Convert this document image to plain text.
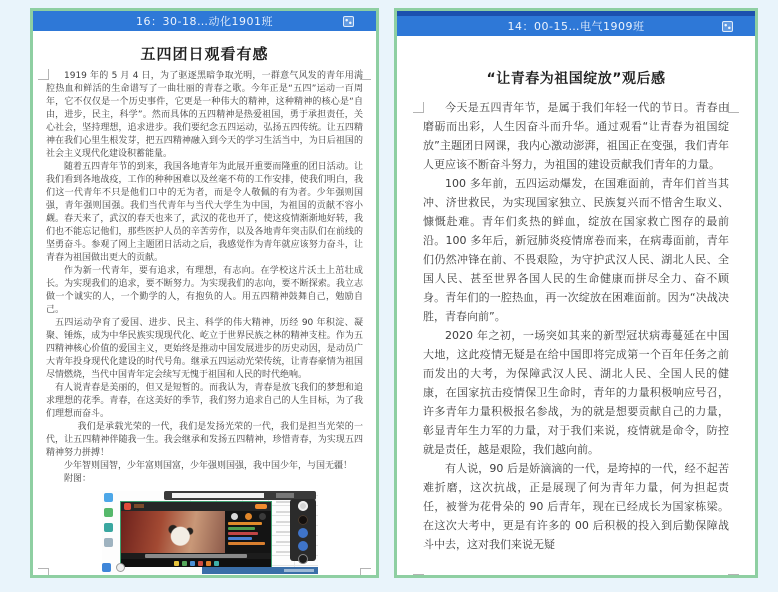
16：30-18…动化1901班
五四团日观看有感

1919 年的 5 月 4 日，为了驱逐黑暗争取光明，一群意气风发的青年用满腔热血和鲜活的生命谱写了一曲壮丽的青春之歌。今年正是“五四”运动一百周年，它不仅仅是一个历史事件，它更是一种伟大的精神，这种精神的核心是“自由，进步，民主，科学”。然而具体的五四精神是热爱祖国，勇于承担责任，关心社会，坚持理想，追求进步。我们要纪念五四运动，弘扬五四传统。让五四精神在我们心里生根发芽，把五四精神融入到今天的学习生活当中，为日后祖国的社会主义现代化建设积蓄能量。

随着五四青年节的到来，我国各地青年为此展开重要而隆重的团日活动。让我们看到各地战疫，工作的种种困难以及丝毫不苟的工作安排，使我们明白，我们这一代青年不只是他们口中的无为者，而是令人敬佩的有为者。少年强则国强，青年强则国强。我们当代青年与当代大学生为中国，为祖国的贡献不容小觑。春天来了，武汉的春天也来了，武汉的花也开了，使这疫情渐渐地好转，我们也不能忘记他们，那些医护人员的辛苦劳作，以及各地青年突击队们在前线的坚勇奋斗。参观了网上主题团日活动之后，我感觉作为青年就应该努力奋斗，让青春为祖国做出更大的贡献。

作为新一代青年，要有追求，有理想，有志向。在学校这片沃土上茁壮成长。为实现我们的追求，要不断努力。为实现我们的志向，要不断探索。我立志做一个诚实的人，一个勤学的人，有抱负的人。用五四精神鼓舞自己，勉励自己。

五四运动孕育了爱国、进步、民主、科学的伟大精神，历经 90 年积淀、凝聚、锤炼，成为中华民族实现现代化、屹立于世界民族之林的精神支柱。作为五四精神核心价值的爱国主义，更始终是推动中国发展进步的历史动因，是动员广大青年投身现代化建设的时代号角。继承五四运动光荣传统，让青春豪情为祖国尽情燃烧，当代中国青年定会续写无愧于祖国和人民的时代绝响。

有人说青春是美丽的，但又是短暂的。而我认为，青春是放飞我们的梦想和追求理想的花季。青春，在这美好的季节，我们努力追求自己的人生目标，为了我们理想而奋斗。

我们是承载光荣的一代，我们是发扬光荣的一代，我们是担当光荣的一代，让五四精神伴随我一生。我会继承和发扬五四精神，珍惜青春，为实现五四精神努力拼搏！

少年智则国智，少年富则国富，少年强则国强，我中国少年，与国无疆！

附图：

14：00-15…电气1909班
“让青春为祖国绽放”观后感

今天是五四青年节，是属于我们年轻一代的节日。青春由磨砺而出彩，人生因奋斗而升华。通过观看“让青春为祖国绽放”主题团日网课，我内心激动澎湃，祖国正在变强，我们青年人更应该不断奋斗努力，为祖国的建设贡献我们青年的力量。

100 多年前，五四运动爆发，在国难面前，青年们首当其冲、济世救民，为实现国家独立、民族复兴而不惜舍生取义、慷慨赴难。青年们炙热的鲜血，绽放在国家救亡图存的最前沿。100 多年后，新冠肺炎疫情席卷而来，在病毒面前，青年们仍然冲锋在前、不畏艰险，为守护武汉人民、湖北人民、全国人民、甚至世界各国人民的生命健康而拼尽全力、奋不顾身。青年们的一腔热血，再一次绽放在困难面前。因为“决战决胜，青春向前”。

2020 年之初，一场突如其来的新型冠状病毒蔓延在中国大地，这此疫情无疑是在给中国即将完成第一个百年任务之前而发出的大考，为保障武汉人民、湖北人民、全国人民的健康，在国家抗击疫情保卫生命时，青年的力量积极响应号召，许多青年力量积极报名参战，为的就是想要贡献自己的力量，彰显青年生力军的力量，对于我们来说，疫情就是命令，防控就是责任，越是艰险，我们越向前。

有人说，90 后是娇滴滴的一代，是垮掉的一代，经不起苦难折磨，这次抗战，正是展现了何为青年力量，何为担起责任，被誉为花骨朵的 90 后青年，现在已经成长为国家栋梁。在这次大考中，更是有许多的 00 后积极的投入到后勤保障战斗中去，这对我们来说无疑
